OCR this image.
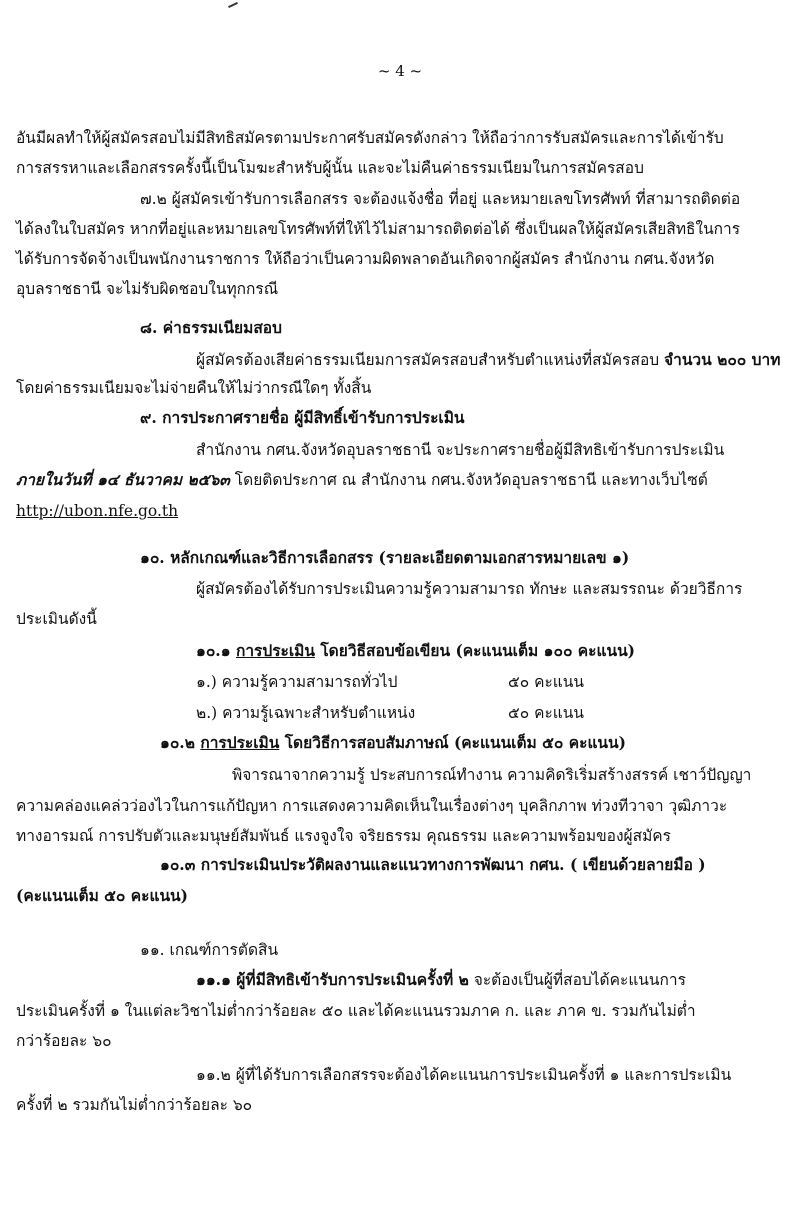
~ 4 ~
อันมีผลทำให้ผู้สมัครสอบไม่มีสิทธิสมัครตามประกาศรับสมัครดังกล่าว ให้ถือว่าการรับสมัครและการได้เข้ารับ
การสรรหาและเลือกสรรครั้งนี้เป็นโมฆะสำหรับผู้นั้น และจะไม่คืนค่าธรรมเนียมในการสมัครสอบ
๗.๒ ผู้สมัครเข้ารับการเลือกสรร จะต้องแจ้งชื่อ ที่อยู่ และหมายเลขโทรศัพท์ ที่สามารถติดต่อ
ได้ลงในใบสมัคร หากที่อยู่และหมายเลขโทรศัพท์ที่ให้ไว้ไม่สามารถติดต่อได้ ซึ่งเป็นผลให้ผู้สมัครเสียสิทธิในการ
ได้รับการจัดจ้างเป็นพนักงานราชการ ให้ถือว่าเป็นความผิดพลาดอันเกิดจากผู้สมัคร สำนักงาน กศน.จังหวัด
อุบลราชธานี จะไม่รับผิดชอบในทุกกรณี
๘. ค่าธรรมเนียมสอบ
ผู้สมัครต้องเสียค่าธรรมเนียมการสมัครสอบสำหรับตำแหน่งที่สมัครสอบ จำนวน ๒๐๐ บาท
โดยค่าธรรมเนียมจะไม่จ่ายคืนให้ไม่ว่ากรณีใดๆ ทั้งสิ้น
๙. การประกาศรายชื่อ ผู้มีสิทธิ์เข้ารับการประเมิน
สำนักงาน กศน.จังหวัดอุบลราชธานี จะประกาศรายชื่อผู้มีสิทธิเข้ารับการประเมิน
ภายในวันที่ ๑๔ ธันวาคม ๒๕๖๓ โดยติดประกาศ ณ สำนักงาน กศน.จังหวัดอุบลราชธานี และทางเว็บไซต์
http://ubon.nfe.go.th
๑๐. หลักเกณฑ์และวิธีการเลือกสรร (รายละเอียดตามเอกสารหมายเลข ๑)
ผู้สมัครต้องได้รับการประเมินความรู้ความสามารถ ทักษะ และสมรรถนะ ด้วยวิธีการ
ประเมินดังนี้
๑๐.๑ การประเมิน โดยวิธีสอบข้อเขียน (คะแนนเต็ม ๑๐๐ คะแนน)
๑.) ความรู้ความสามารถทั่วไป	๕๐ คะแนน
๒.) ความรู้เฉพาะสำหรับตำแหน่ง	๕๐ คะแนน
๑๐.๒ การประเมิน โดยวิธีการสอบสัมภาษณ์ (คะแนนเต็ม ๕๐ คะแนน)
พิจารณาจากความรู้ ประสบการณ์ทำงาน ความคิดริเริ่มสร้างสรรค์ เชาว์ปัญญา
ความคล่องแคล่วว่องไวในการแก้ปัญหา การแสดงความคิดเห็นในเรื่องต่างๆ บุคลิกภาพ ท่วงทีวาจา วุฒิภาวะ
ทางอารมณ์ การปรับตัวและมนุษย์สัมพันธ์ แรงจูงใจ จริยธรรม คุณธรรม และความพร้อมของผู้สมัคร
๑๐.๓ การประเมินประวัติผลงานและแนวทางการพัฒนา กศน. ( เขียนด้วยลายมือ )
(คะแนนเต็ม ๕๐ คะแนน)
๑๑. เกณฑ์การตัดสิน
๑๑.๑ ผู้ที่มีสิทธิเข้ารับการประเมินครั้งที่ ๒ จะต้องเป็นผู้ที่สอบได้คะแนนการ
ประเมินครั้งที่ ๑ ในแต่ละวิชาไม่ต่ำกว่าร้อยละ ๕๐ และได้คะแนนรวมภาค ก. และ ภาค ข. รวมกันไม่ต่ำ
กว่าร้อยละ ๖๐
๑๑.๒ ผู้ที่ได้รับการเลือกสรรจะต้องได้คะแนนการประเมินครั้งที่ ๑ และการประเมิน
ครั้งที่ ๒ รวมกันไม่ต่ำกว่าร้อยละ ๖๐
